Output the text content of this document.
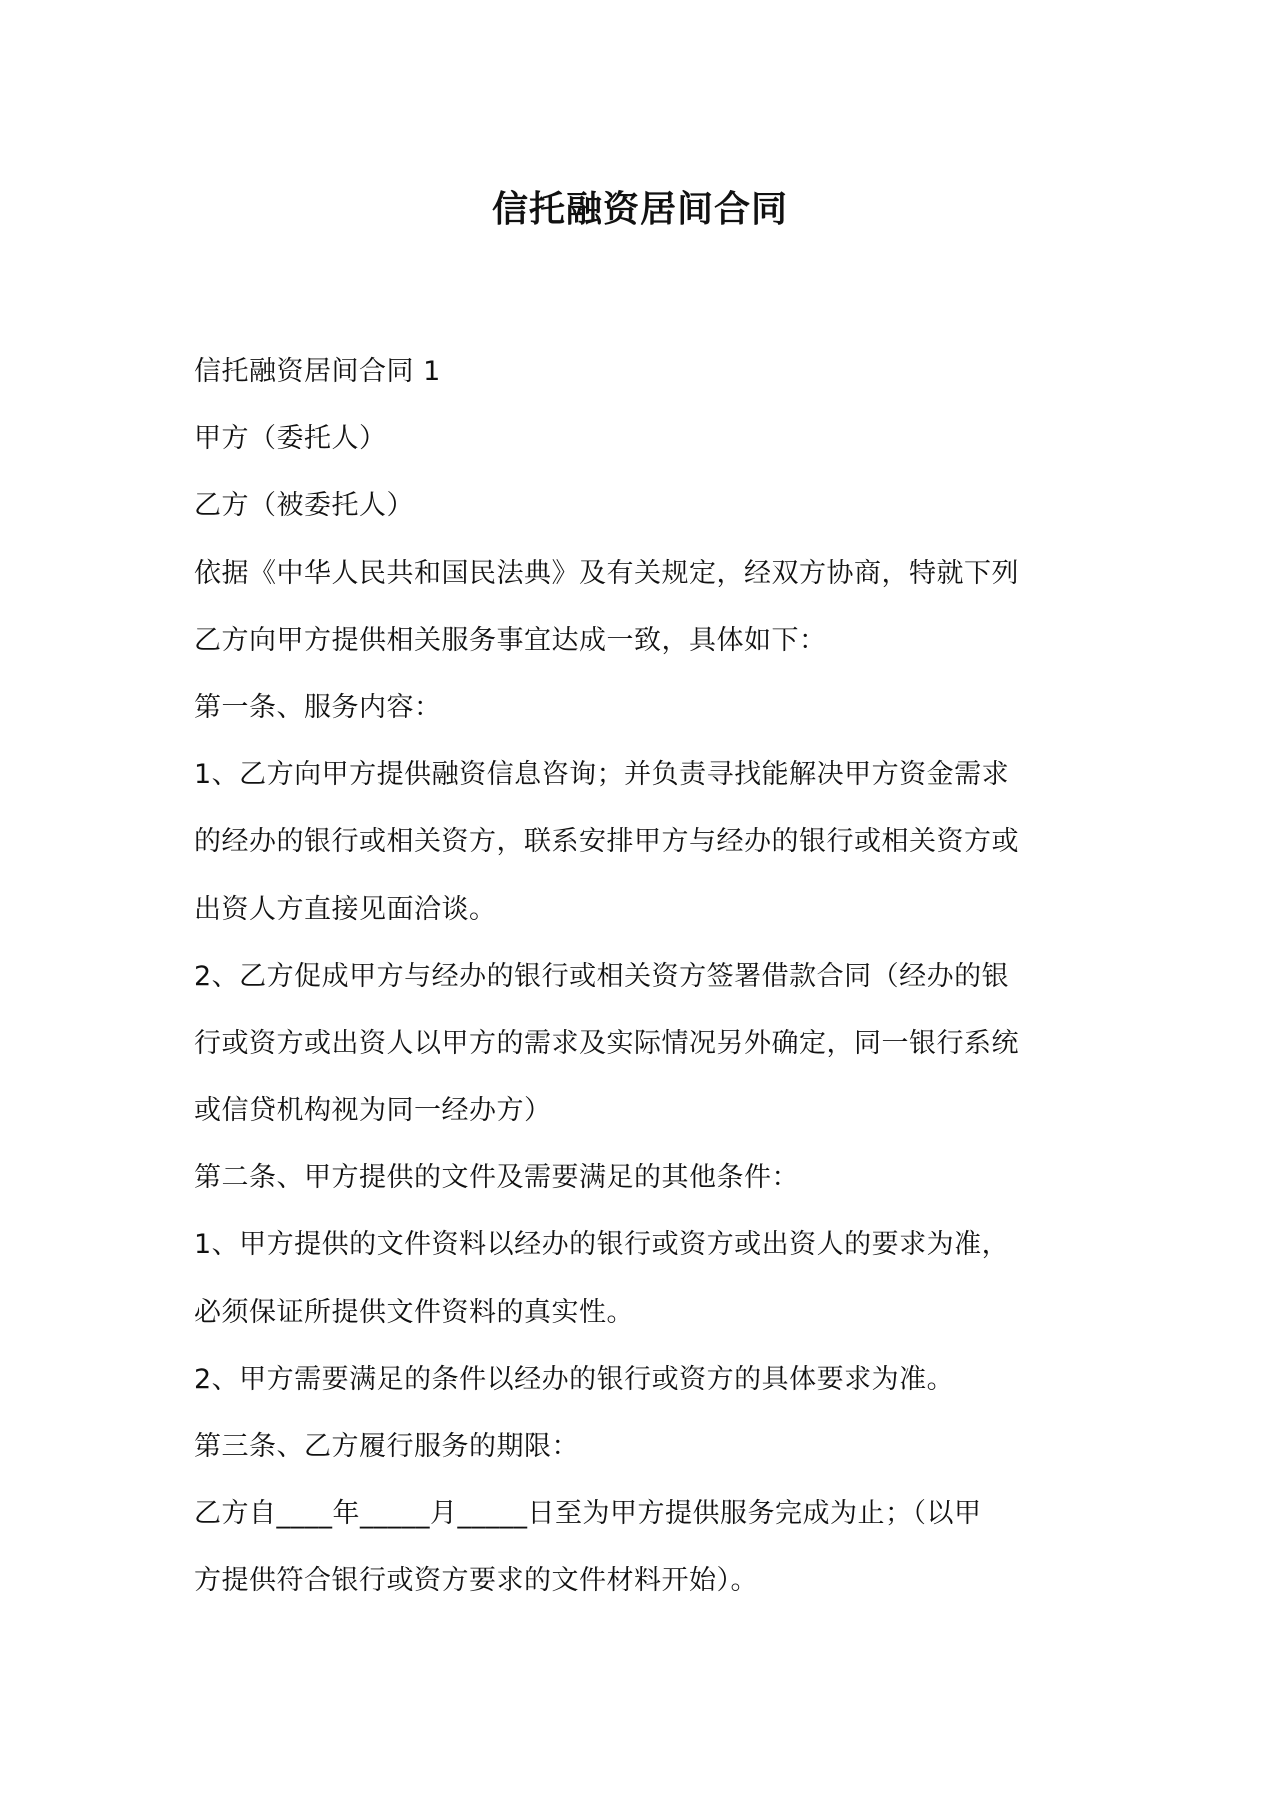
信托融资居间合同
信托融资居间合同 1
甲方（委托人）
乙方（被委托人）
依据《中华人民共和国民法典》及有关规定，经双方协商，特就下列
乙方向甲方提供相关服务事宜达成一致，具体如下：
第一条、服务内容：
1、乙方向甲方提供融资信息咨询；并负责寻找能解决甲方资金需求
的经办的银行或相关资方，联系安排甲方与经办的银行或相关资方或
出资人方直接见面洽谈。
2、乙方促成甲方与经办的银行或相关资方签署借款合同（经办的银
行或资方或出资人以甲方的需求及实际情况另外确定，同一银行系统
或信贷机构视为同一经办方）
第二条、甲方提供的文件及需要满足的其他条件：
1、甲方提供的文件资料以经办的银行或资方或出资人的要求为准，
必须保证所提供文件资料的真实性。
2、甲方需要满足的条件以经办的银行或资方的具体要求为准。
第三条、乙方履行服务的期限：
乙方自____年_____月_____日至为甲方提供服务完成为止；（以甲
方提供符合银行或资方要求的文件材料开始）。
